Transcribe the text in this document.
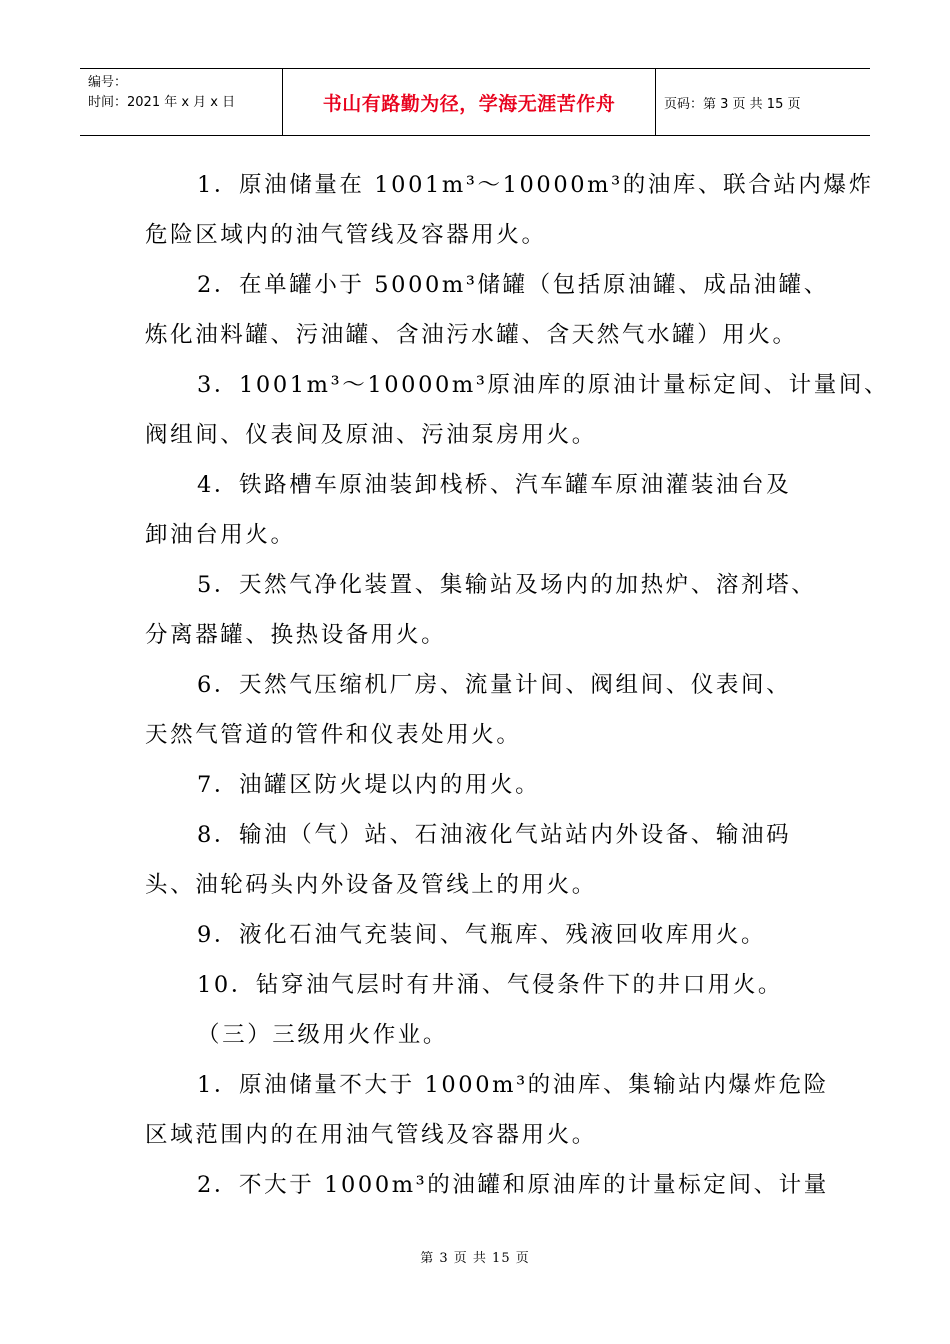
编号：
时间：2021 年 x 月 x 日	书山有路勤为径，学海无涯苦作舟	页码：第 3 页 共 15 页
1．原油储量在 1001m³～10000m³的油库、联合站内爆炸
危险区域内的油气管线及容器用火。
2．在单罐小于 5000m³储罐（包括原油罐、成品油罐、
炼化油料罐、污油罐、含油污水罐、含天然气水罐）用火。
3．1001m³～10000m³原油库的原油计量标定间、计量间、
阀组间、仪表间及原油、污油泵房用火。
4．铁路槽车原油装卸栈桥、汽车罐车原油灌装油台及
卸油台用火。
5．天然气净化装置、集输站及场内的加热炉、溶剂塔、
分离器罐、换热设备用火。
6．天然气压缩机厂房、流量计间、阀组间、仪表间、
天然气管道的管件和仪表处用火。
7．油罐区防火堤以内的用火。
8．输油（气）站、石油液化气站站内外设备、输油码
头、油轮码头内外设备及管线上的用火。
9．液化石油气充装间、气瓶库、残液回收库用火。
10．钻穿油气层时有井涌、气侵条件下的井口用火。
（三）三级用火作业。
1．原油储量不大于 1000m³的油库、集输站内爆炸危险
区域范围内的在用油气管线及容器用火。
2．不大于 1000m³的油罐和原油库的计量标定间、计量
第 3 页 共 15 页
